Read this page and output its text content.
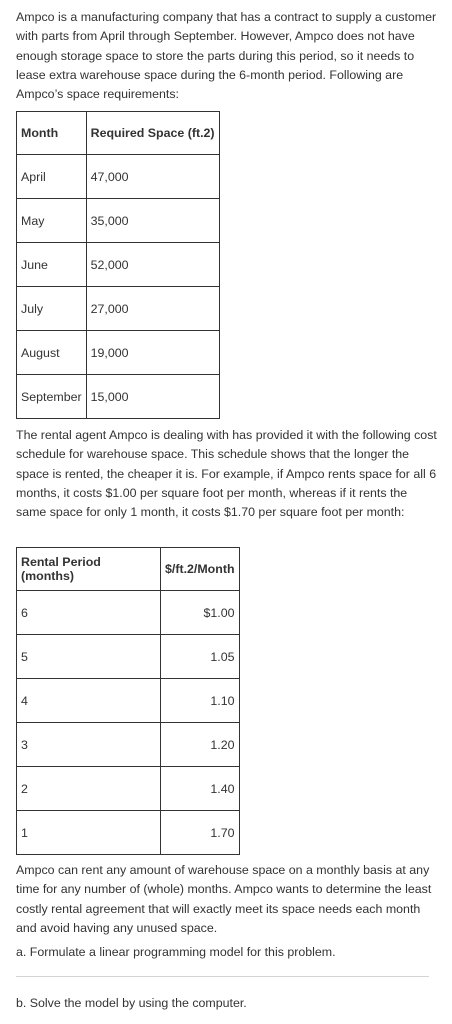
Ampco is a manufacturing company that has a contract to supply a customer with parts from April through September. However, Ampco does not have enough storage space to store the parts during this period, so it needs to lease extra warehouse space during the 6-month period. Following are Ampco’s space requirements:

Month	Required Space (ft.2)
April	47,000
May	35,000
June	52,000
July	27,000
August	19,000
September	15,000

The rental agent Ampco is dealing with has provided it with the following cost schedule for warehouse space. This schedule shows that the longer the space is rented, the cheaper it is. For example, if Ampco rents space for all 6 months, it costs $1.00 per square foot per month, whereas if it rents the same space for only 1 month, it costs $1.70 per square foot per month:

Rental Period (months)	$/ft.2/Month
6	$1.00
5	1.05
4	1.10
3	1.20
2	1.40
1	1.70

Ampco can rent any amount of warehouse space on a monthly basis at any time for any number of (whole) months. Ampco wants to determine the least costly rental agreement that will exactly meet its space needs each month and avoid having any unused space.

a. Formulate a linear programming model for this problem.
b. Solve the model by using the computer.
